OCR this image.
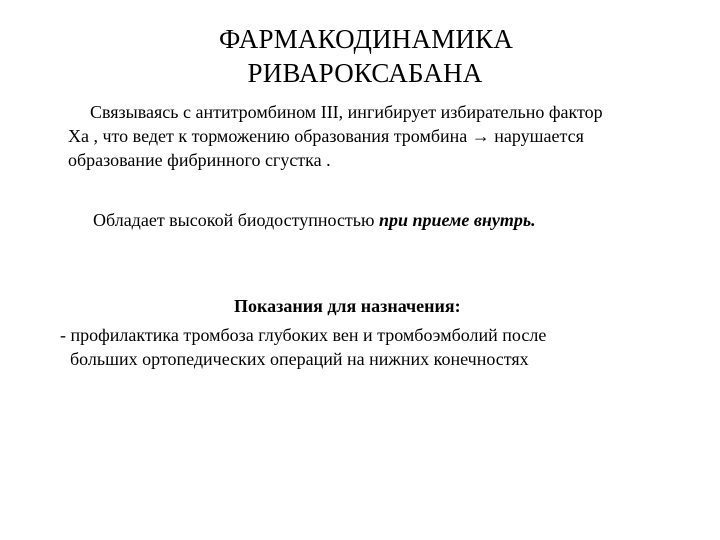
ФАРМАКОДИНАМИКА
РИВАРОКСАБАНА
Связываясь с антитромбином III, ингибирует избирательно фактор
Xa , что ведет к торможению образования тромбина → нарушается
образование фибринного сгустка .
Обладает высокой биодоступностью при приеме внутрь.
Показания для назначения:
- профилактика тромбоза глубоких вен и тромбоэмболий после
больших ортопедических операций на нижних конечностях
